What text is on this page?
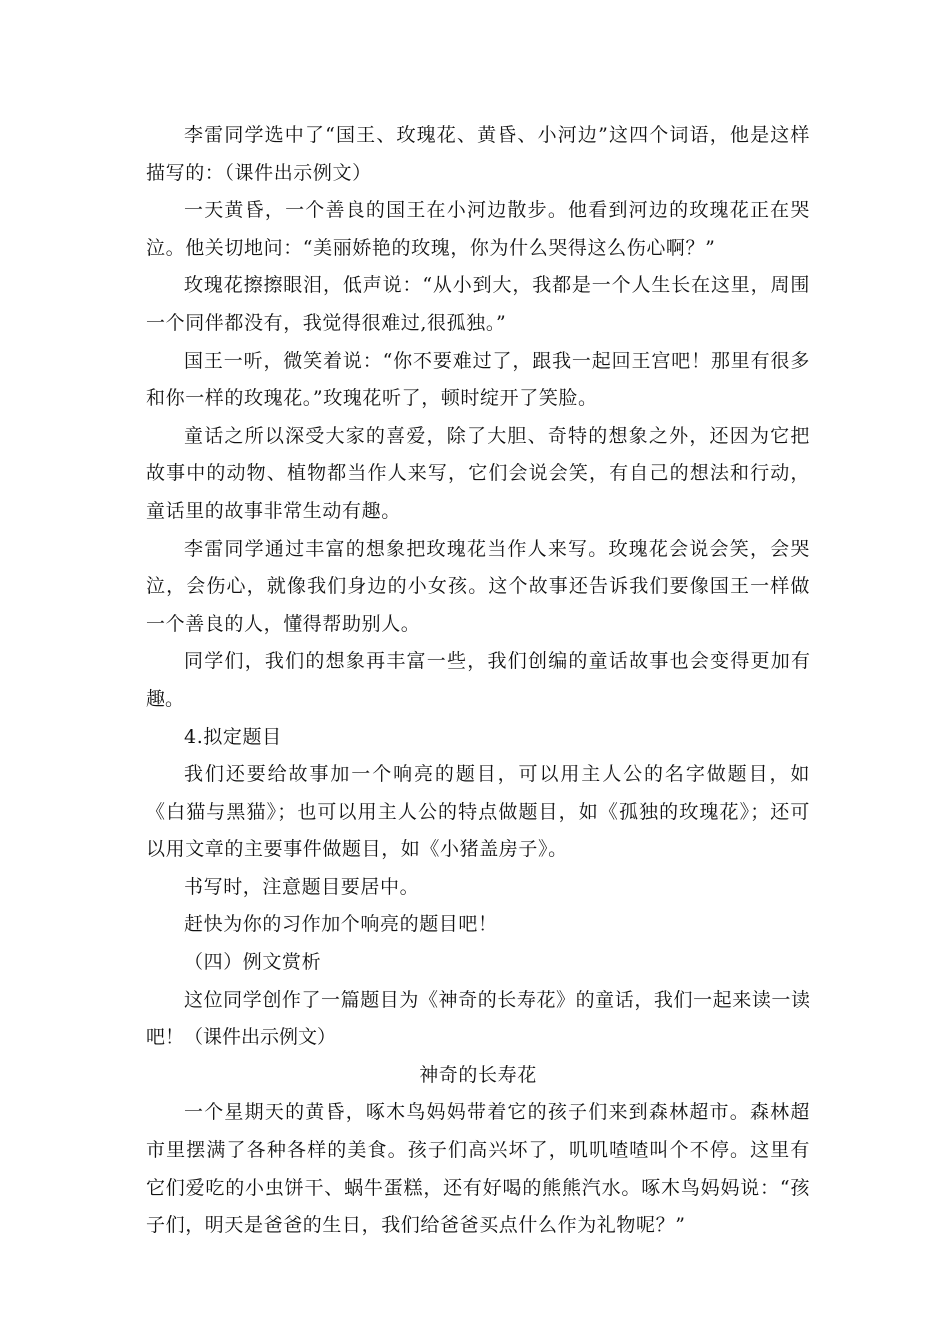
李雷同学选中了“国王、玫瑰花、黄昏、小河边”这四个词语，他是这样描写的：（课件出示例文）

一天黄昏，一个善良的国王在小河边散步。他看到河边的玫瑰花正在哭泣。他关切地问：“美丽娇艳的玫瑰，你为什么哭得这么伤心啊？”

玫瑰花擦擦眼泪，低声说：“从小到大，我都是一个人生长在这里，周围一个同伴都没有，我觉得很难过,很孤独。”

国王一听，微笑着说：“你不要难过了，跟我一起回王宫吧！那里有很多和你一样的玫瑰花。”玫瑰花听了，顿时绽开了笑脸。

童话之所以深受大家的喜爱，除了大胆、奇特的想象之外，还因为它把故事中的动物、植物都当作人来写，它们会说会笑，有自己的想法和行动，童话里的故事非常生动有趣。

李雷同学通过丰富的想象把玫瑰花当作人来写。玫瑰花会说会笑，会哭泣，会伤心，就像我们身边的小女孩。这个故事还告诉我们要像国王一样做一个善良的人，懂得帮助别人。

同学们，我们的想象再丰富一些，我们创编的童话故事也会变得更加有趣。

4.拟定题目

我们还要给故事加一个响亮的题目，可以用主人公的名字做题目，如《白猫与黑猫》；也可以用主人公的特点做题目，如《孤独的玫瑰花》；还可以用文章的主要事件做题目，如《小猪盖房子》。

书写时，注意题目要居中。

赶快为你的习作加个响亮的题目吧！

（四）例文赏析

这位同学创作了一篇题目为《神奇的长寿花》的童话，我们一起来读一读吧！（课件出示例文）

神奇的长寿花

一个星期天的黄昏，啄木鸟妈妈带着它的孩子们来到森林超市。森林超市里摆满了各种各样的美食。孩子们高兴坏了，叽叽喳喳叫个不停。这里有它们爱吃的小虫饼干、蜗牛蛋糕，还有好喝的熊熊汽水。啄木鸟妈妈说：“孩子们，明天是爸爸的生日，我们给爸爸买点什么作为礼物呢？”
